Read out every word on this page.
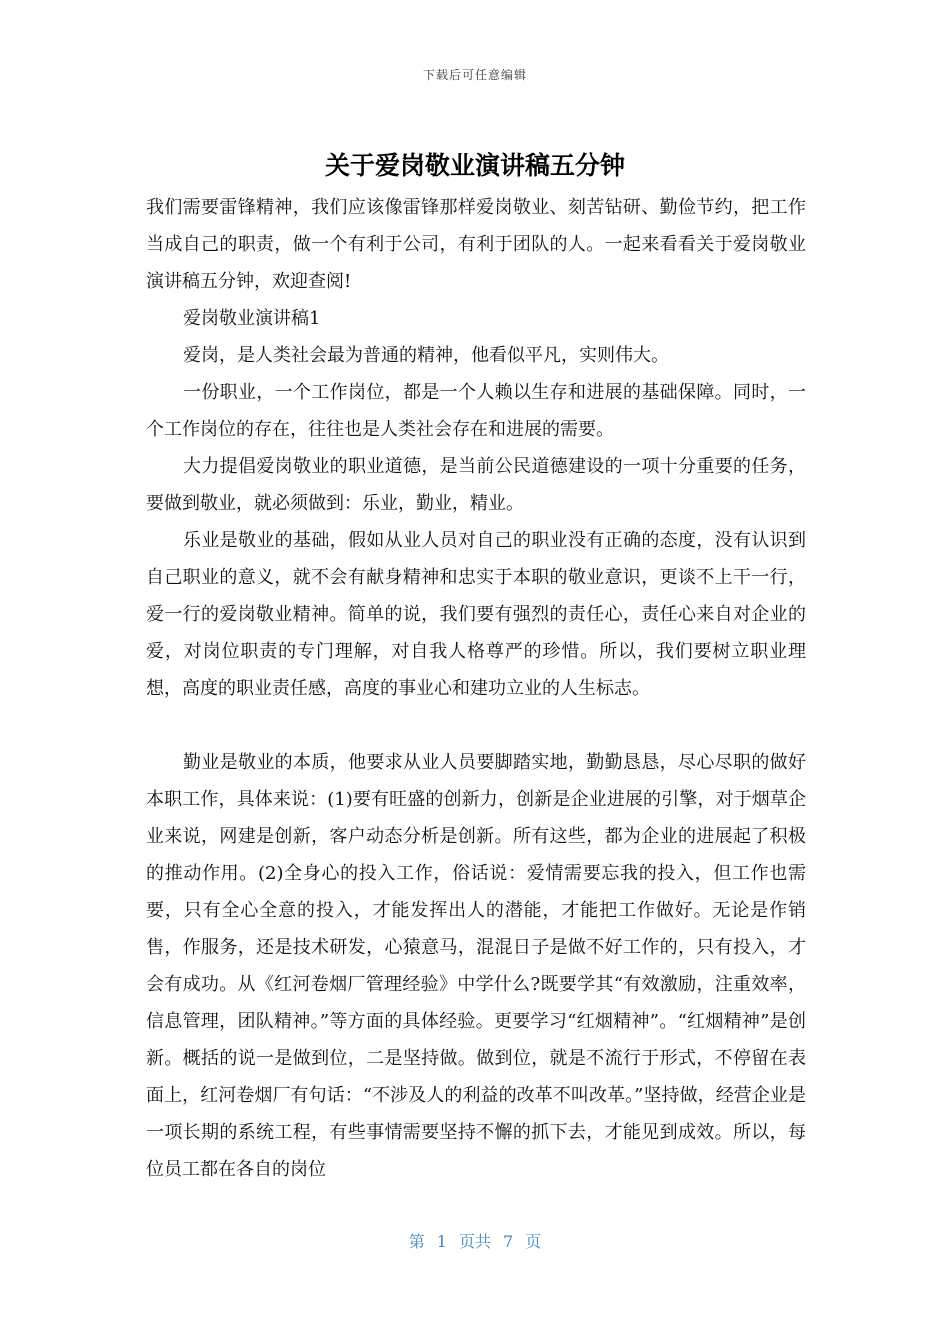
下载后可任意编辑
关于爱岗敬业演讲稿五分钟

我们需要雷锋精神，我们应该像雷锋那样爱岗敬业、刻苦钻研、勤俭节约，把工作当成自己的职责，做一个有利于公司，有利于团队的人。一起来看看关于爱岗敬业演讲稿五分钟，欢迎查阅!

爱岗敬业演讲稿1

爱岗，是人类社会最为普通的精神，他看似平凡，实则伟大。

一份职业，一个工作岗位，都是一个人赖以生存和进展的基础保障。同时，一个工作岗位的存在，往往也是人类社会存在和进展的需要。

大力提倡爱岗敬业的职业道德，是当前公民道德建设的一项十分重要的任务，要做到敬业，就必须做到：乐业，勤业，精业。

乐业是敬业的基础，假如从业人员对自己的职业没有正确的态度，没有认识到自己职业的意义，就不会有献身精神和忠实于本职的敬业意识，更谈不上干一行，爱一行的爱岗敬业精神。简单的说，我们要有强烈的责任心，责任心来自对企业的爱，对岗位职责的专门理解，对自我人格尊严的珍惜。所以，我们要树立职业理想，高度的职业责任感，高度的事业心和建功立业的人生标志。

勤业是敬业的本质，他要求从业人员要脚踏实地，勤勤恳恳，尽心尽职的做好本职工作，具体来说：(1)要有旺盛的创新力，创新是企业进展的引擎，对于烟草企业来说，网建是创新，客户动态分析是创新。所有这些，都为企业的进展起了积极的推动作用。(2)全身心的投入工作，俗话说：爱情需要忘我的投入，但工作也需要，只有全心全意的投入，才能发挥出人的潜能，才能把工作做好。无论是作销售，作服务，还是技术研发，心猿意马，混混日子是做不好工作的，只有投入，才会有成功。从《红河卷烟厂管理经验》中学什么?既要学其“有效激励，注重效率，信息管理，团队精神。”等方面的具体经验。更要学习“红烟精神”。“红烟精神”是创新。概括的说一是做到位，二是坚持做。做到位，就是不流行于形式，不停留在表面上，红河卷烟厂有句话：“不涉及人的利益的改革不叫改革。”坚持做，经营企业是一项长期的系统工程，有些事情需要坚持不懈的抓下去，才能见到成效。所以，每位员工都在各自的岗位

第 1 页共 7 页
